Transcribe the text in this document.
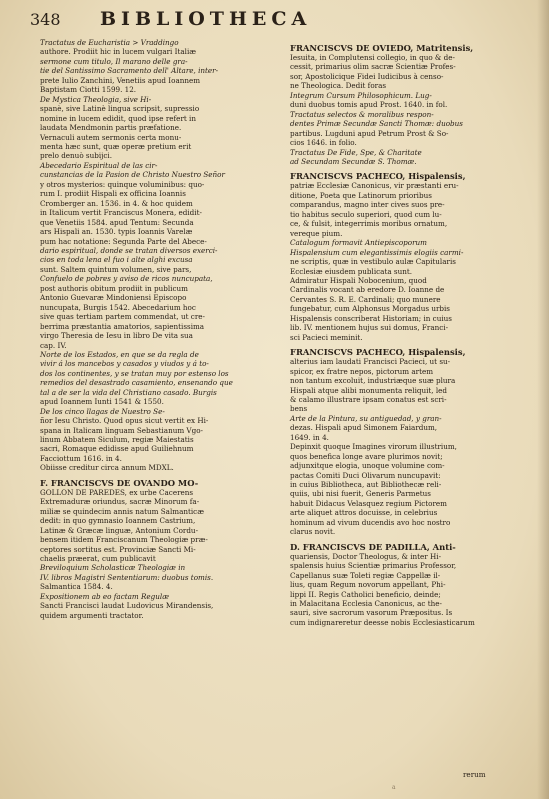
348 BIBLIOTHECA

Tractatus de Eucharistia > Vraddingo

authore. Prodiit hic in lucem vulgari Italiæ

sermone cum titulo, Il marano delle gra-

tie del Santissimo Sacramento dell' Altare, inter-

prete Iulio Zanchini, Venetiis apud Ioannem

Baptistam Ciotti 1599. 12.

De Mystica Theologia, sive Hi-

spanè, sive Latinè lingua scripsit, supressio

nomine in lucem edidit, quod ipse refert in

laudata Mendmonin partis præfatione.

Vernaculi autem sermonis certa monu-

menta hæc sunt, quæ operæ pretium erit

prelo denuò subijci.

Abecedario Espiritual de las cir-

cunstancias de la Pasion de Christo Nuestro Señor

y otros mysterios: quinque voluminibus: quo-

rum I. prodiit Hispali ex officina Ioannis

Cromberger an. 1536. in 4. & hoc quidem

in Italicum vertit Franciscus Monera, edidit-

que Venetiis 1584. apud Tentum: Secunda

ars Hispali an. 1530. typis Ioannis Varelæ

pum hac notatione: Segunda Parte del Abece-

dario espiritual, donde se tratan diversos exerci-

cios en toda lena el fuo i alte alghi excusa

sunt. Saltem quintum volumen, sive pars,

Confuelo de pobres y aviso de ricos nuncupata,

post authoris obitum prodiit in publicum

Antonio Guevaræ Mindoniensi Episcopo

nuncupata, Burgis 1542. Abecedarium hoc

sive quas tertiam partem commendat, ut cre-

berrima præstantia amatorios, sapientissima

virgo Theresia de Iesu in libro De vita sua

cap. IV.

Norte de los Estados, en que se da regla de

vivir á los mancebos y casados y viudos y á to-

dos los continentes, y se tratan muy por estenso los

remedios del desastrado casamiento, ensenando que

tal a de ser la vida del Christiano casado. Burgis

apud Ioannem Iunti 1541 & 1550.

De los cinco llagas de Nuestro Se-

ñor Iesu Christo. Quod opus sicut vertit ex Hi-

spana in Italicam linguam Sebastianum Vgo-

linum Abbatem Siculum, regiæ Maiestatis

sacri, Romaque edidisse apud Guiliehnum

Facciottum 1616. in 4.

Obiisse creditur circa annum MDXL.

F. FRANCISCVS DE OVANDO MO-

GOLLON DE PAREDES, ex urbe Cacerens

Extremaduræ oriundus, sacræ Minorum fa-

miliæ se quindecim annis natum Salmanticæ

dedit: in quo gymnasio Ioannem Castrium,

Latinæ & Græcæ linguæ, Antonium Cordu-

bensem itidem Franciscanum Theologiæ præ-

ceptores sortitus est. Provinciæ Sancti Mi-

chaelis præerat, cum publicavit

Breviloquium Scholasticæ Theologiæ in

IV. libros Magistri Sententiarum: duobus tomis.

Salmantica 1584. 4.

Expositionem ab eo factam Regulæ

Sancti Francisci laudat Ludovicus Mirandensis,

quidem argumenti tractator.

FRANCISCVS DE OVIEDO, Matritensis,

Iesuita, in Complutensi collegio, in quo & de-

cessit, primarius olim sacræ Scientiæ Profes-

sor, Apostolicique Fidei Iudicibus à censo-

ne Theologica. Dedit foras

Integrum Cursum Philosophicum. Lug-

duni duobus tomis apud Prost. 1640. in fol.

Tractatus selectos & moralibus respon-

dentes Primæ Secundæ Sancti Thomæ: duobus

partibus. Lugduni apud Petrum Prost & So-

cios 1646. in folio.

Tractatus De Fide, Spe, & Charitate

ad Secundam Secundæ S. Thomæ.

FRANCISCVS PACHECO, Hispalensis,

patriæ Ecclesiæ Canonicus, vir præstanti eru-

ditione, Poeta que Latinorum prioribus

comparandus, magno inter cives suos pre-

tio habitus seculo superiori, quod cum lu-

ce, & fulsit, integerrimis moribus ornatum,

vereque pium.

Catalogum formavit Antiepiscoporum

Hispalensium cum elegantissimis elogiis carmi-

ne scriptis, quæ in vestibulo aulæ Capitularis

Ecclesiæ eiusdem publicata sunt.

Admiratur Hispali Nobocenium, quod

Cardinalis vocant ab eredore D. Ioanne de

Cervantes S. R. E. Cardinali; quo munere

fungebatur, cum Alphonsus Morgadus urbis

Hispalensis conscriberat Historiam; in cuius

lib. IV. mentionem hujus sui domus, Franci-

sci Pacieci meminit.

FRANCISCVS PACHECO, Hispalensis,

alterius iam laudati Francisci Pacieci, ut su-

spicor, ex fratre nepos, pictorum artem

non tantum excoluit, industriæque suæ plura

Hispali atque alibi monumenta reliquit, led

& calamo illustrare ipsam conatus est scri-

bens

Arte de la Pintura, su antiguedad, y gran-

dezas. Hispali apud Simonem Faiardum,

1649. in 4.

Depinxit quoque Imagines virorum illustrium,

quos benefica longe avare plurimos novit;

adjunxitque elogia, unoque volumine com-

pactas Comiti Duci Olivarum nuncupavit:

in cuius Bibliotheca, aut Bibliothecæ reli-

quiis, ubi nisi fuerit, Generis Parmetus

habuit Didacus Velasquez regium Pictorem

arte aliquet attros docuisse, in celebrius

hominum ad vivum ducendis avo hoc nostro

clarus novit.

D. FRANCISCVS DE PADILLA, Anti-

quariensis, Doctor Theologus, & inter Hi-

spalensis huius Scientiæ primarius Professor,

Capellanus suæ Toleti regiæ Cappellæ il-

lius, quam Regum novorum appellant, Phi-

lippi II. Regis Catholici beneficio, deinde;

in Malacitana Ecclesia Canonicus, ac the-

sauri, sive sacrorum vasorum Præpositus. Is

cum indignareretur deesse nobis Ecclesiasticarum

rerum
a
